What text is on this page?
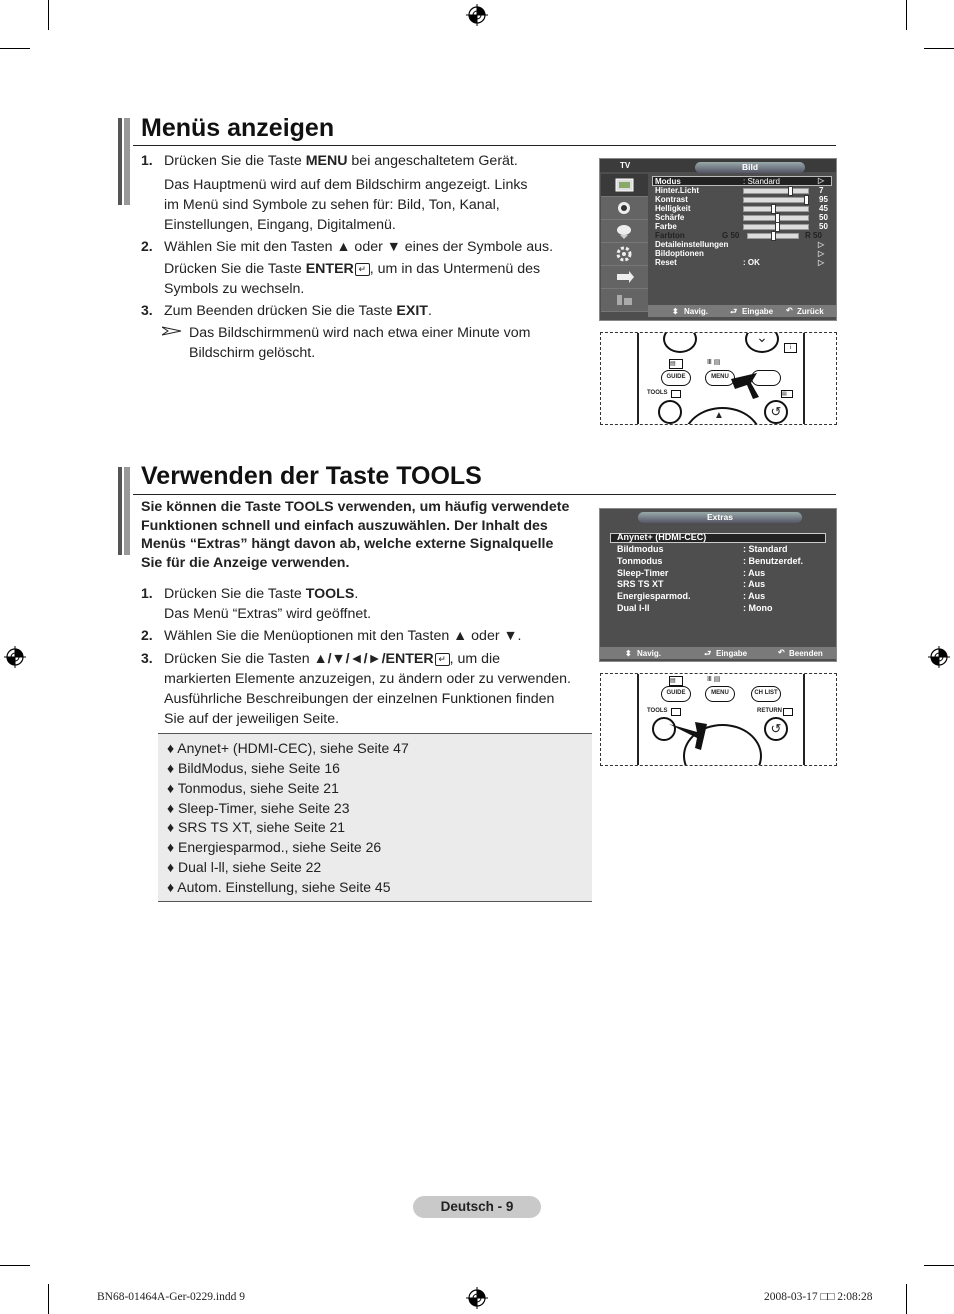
Menüs anzeigen
1. Drücken Sie die Taste MENU bei angeschaltetem Gerät.
Das Hauptmenü wird auf dem Bildschirm angezeigt. Links
im Menü sind Symbole zu sehen für: Bild, Ton, Kanal,
Einstellungen, Eingang, Digitalmenü.
2. Wählen Sie mit den Tasten ▲ oder ▼ eines der Symbole aus.
Drücken Sie die Taste ENTER ↵ , um in das Untermenü des
Symbols zu wechseln.
3. Zum Beenden drücken Sie die Taste EXIT.
Das Bildschirmmenü wird nach etwa einer Minute vom
Bildschirm gelöscht.
TV	Bild
Modus	: Standard	▷
Hinter.Licht	7
Kontrast	95
Helligkeit	45
Schärfe	50
Farbe	50
Farbton	G 50	R 50
Detaileinstellungen	▷
Bildoptionen	▷
Reset	: OK	▷
⬍ Navig.	⮐ Eingabe ↶ Zurück
⌄
i
▤	Ⅲ ▤
GUIDE	MENU
TOOLS	▤
↺
▲
Verwenden der Taste TOOLS
Sie können die Taste TOOLS verwenden, um häufig verwendete
Funktionen schnell und einfach auszuwählen. Der Inhalt des
Menüs “Extras” hängt davon ab, welche externe Signalquelle
Sie für die Anzeige verwenden.
1. Drücken Sie die Taste TOOLS.
Das Menü “Extras” wird geöffnet.
2. Wählen Sie die Menüoptionen mit den Tasten ▲ oder ▼.
3. Drücken Sie die Tasten ▲/▼/◄/►/ENTER ↵ , um die
markierten Elemente anzuzeigen, zu ändern oder zu verwenden.
Ausführliche Beschreibungen der einzelnen Funktionen finden
Sie auf der jeweiligen Seite.
♦ Anynet+ (HDMI-CEC), siehe Seite 47
♦ BildModus, siehe Seite 16
♦ Tonmodus, siehe Seite 21
♦ Sleep-Timer, siehe Seite 23
♦ SRS TS XT, siehe Seite 21
♦ Energiesparmod., siehe Seite 26
♦ Dual l-ll, siehe Seite 22
♦ Autom. Einstellung, siehe Seite 45
Extras
Anynet+ (HDMI-CEC)
Bildmodus	: Standard
Tonmodus	: Benutzerdef.
Sleep-Timer	: Aus
SRS TS XT	: Aus
Energiesparmod.	: Aus
Dual l-ll	: Mono
⬍ Navig.	⮐ Eingabe	↶ Beenden
▤	Ⅲ ▤
GUIDE	MENU	CH LIST
TOOLS	RETURN
↺
Deutsch - 9
BN68-01464A-Ger-0229.indd 9	2008-03-17 □□ 2:08:28
